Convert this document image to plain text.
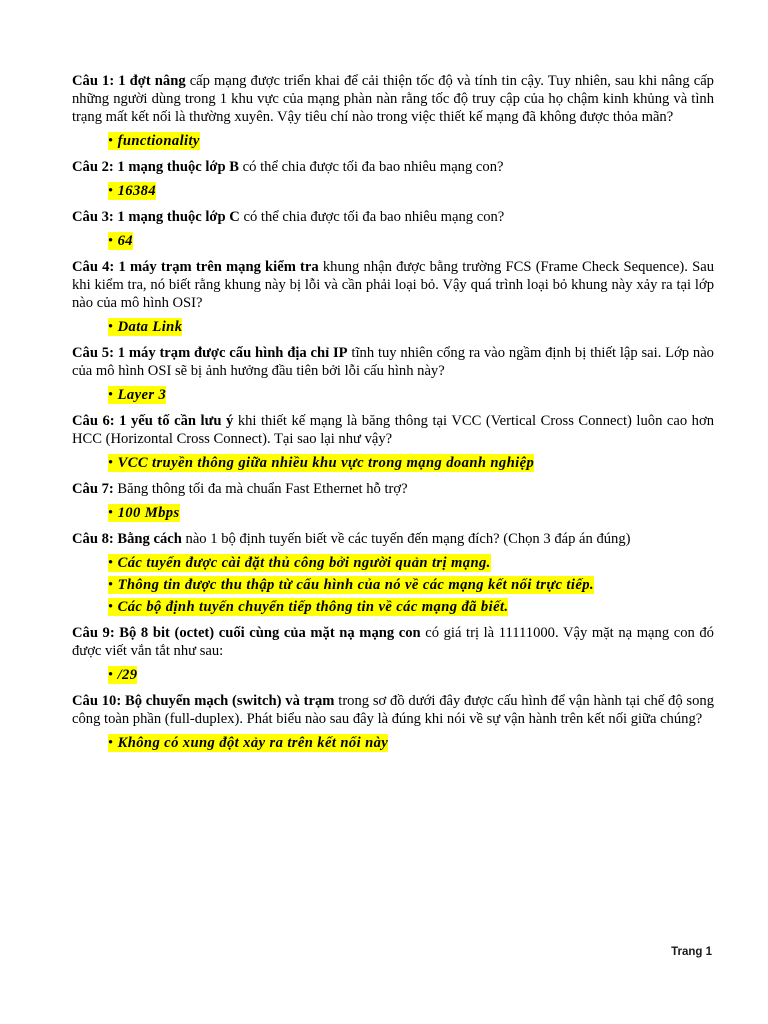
Câu 1: 1 đợt nâng cấp mạng được triển khai để cải thiện tốc độ và tính tin cậy. Tuy nhiên, sau khi nâng cấp những người dùng trong 1 khu vực của mạng phàn nàn rằng tốc độ truy cập của họ chậm kinh khủng và tình trạng mất kết nối là thường xuyên. Vậy tiêu chí nào trong việc thiết kế mạng đã không được thỏa mãn?

• functionality

Câu 2: 1 mạng thuộc lớp B có thể chia được tối đa bao nhiêu mạng con?

• 16384

Câu 3: 1 mạng thuộc lớp C có thể chia được tối đa bao nhiêu mạng con?

• 64

Câu 4: 1 máy trạm trên mạng kiểm tra khung nhận được bằng trường FCS (Frame Check Sequence). Sau khi kiểm tra, nó biết rằng khung này bị lỗi và cần phải loại bỏ. Vậy quá trình loại bỏ khung này xảy ra tại lớp nào của mô hình OSI?

• Data Link

Câu 5: 1 máy trạm được cấu hình địa chỉ IP tĩnh tuy nhiên cổng ra vào ngầm định bị thiết lập sai. Lớp nào của mô hình OSI sẽ bị ảnh hưởng đầu tiên bởi lỗi cấu hình này?

• Layer 3

Câu 6: 1 yếu tố cần lưu ý khi thiết kế mạng là băng thông tại VCC (Vertical Cross Connect) luôn cao hơn HCC (Horizontal Cross Connect). Tại sao lại như vậy?

• VCC truyền thông giữa nhiều khu vực trong mạng doanh nghiệp

Câu 7: Băng thông tối đa mà chuẩn Fast Ethernet hỗ trợ?

• 100 Mbps

Câu 8: Bằng cách nào 1 bộ định tuyến biết về các tuyến đến mạng đích? (Chọn 3 đáp án đúng)

• Các tuyến được cài đặt thủ công bởi người quản trị mạng.

• Thông tin được thu thập từ cấu hình của nó về các mạng kết nối trực tiếp.

• Các bộ định tuyến chuyển tiếp thông tin về các mạng đã biết.

Câu 9: Bộ 8 bit (octet) cuối cùng của mặt nạ mạng con có giá trị là 11111000. Vậy mặt nạ mạng con đó được viết vắn tắt như sau:

• /29

Câu 10: Bộ chuyển mạch (switch) và trạm trong sơ đồ dưới đây được cấu hình để vận hành tại chế độ song công toàn phần (full-duplex). Phát biểu nào sau đây là đúng khi nói về sự vận hành trên kết nối giữa chúng?

• Không có xung đột xảy ra trên kết nối này

Trang 1
